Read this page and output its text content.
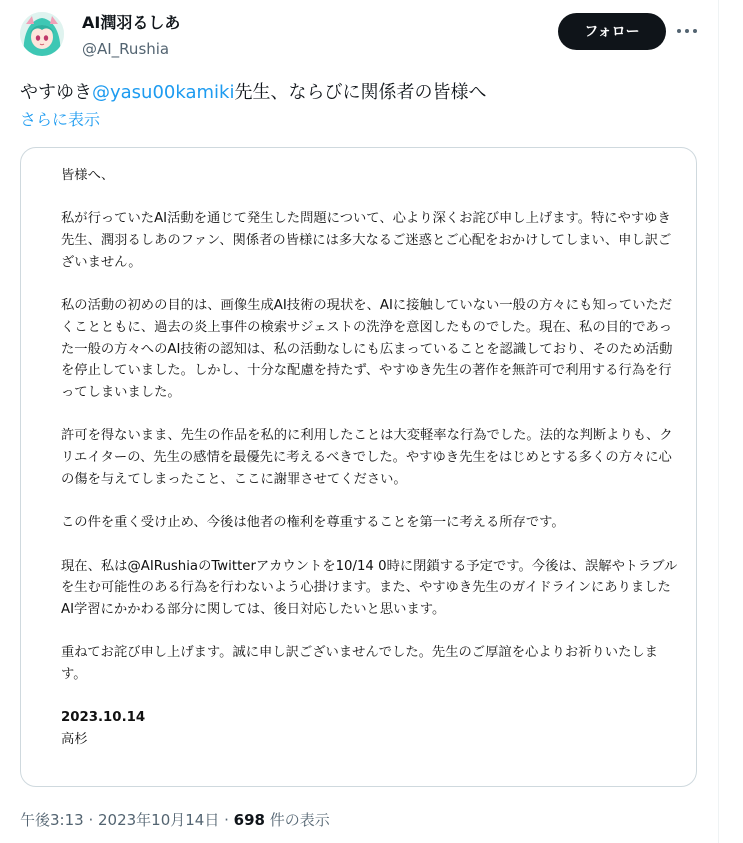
AI潤羽るしあ
@AI_Rushia
フォロー
やすゆき@yasu00kamiki先生、ならびに関係者の皆様へ
さらに表示

皆様へ、

私が行っていたAI活動を通じて発生した問題について、心より深くお詫び申し上げます。特にやすゆき先生、潤羽るしあのファン、関係者の皆様には多大なるご迷惑とご心配をおかけしてしまい、申し訳ございません。

私の活動の初めの目的は、画像生成AI技術の現状を、AIに接触していない一般の方々にも知っていただくことともに、過去の炎上事件の検索サジェストの洗浄を意図したものでした。現在、私の目的であった一般の方々へのAI技術の認知は、私の活動なしにも広まっていることを認識しており、そのため活動を停止していました。しかし、十分な配慮を持たず、やすゆき先生の著作を無許可で利用する行為を行ってしまいました。

許可を得ないまま、先生の作品を私的に利用したことは大変軽率な行為でした。法的な判断よりも、クリエイターの、先生の感情を最優先に考えるべきでした。やすゆき先生をはじめとする多くの方々に心の傷を与えてしまったこと、ここに謝罪させてください。

この件を重く受け止め、今後は他者の権利を尊重することを第一に考える所存です。

現在、私は@AIRushiaのTwitterアカウントを10/14 0時に閉鎖する予定です。今後は、誤解やトラブルを生む可能性のある行為を行わないよう心掛けます。また、やすゆき先生のガイドラインにありましたAI学習にかかわる部分に関しては、後日対応したいと思います。

重ねてお詫び申し上げます。誠に申し訳ございませんでした。先生のご厚誼を心よりお祈りいたします。

2023.10.14
高杉
午後3:13 · 2023年10月14日 · 698 件の表示
